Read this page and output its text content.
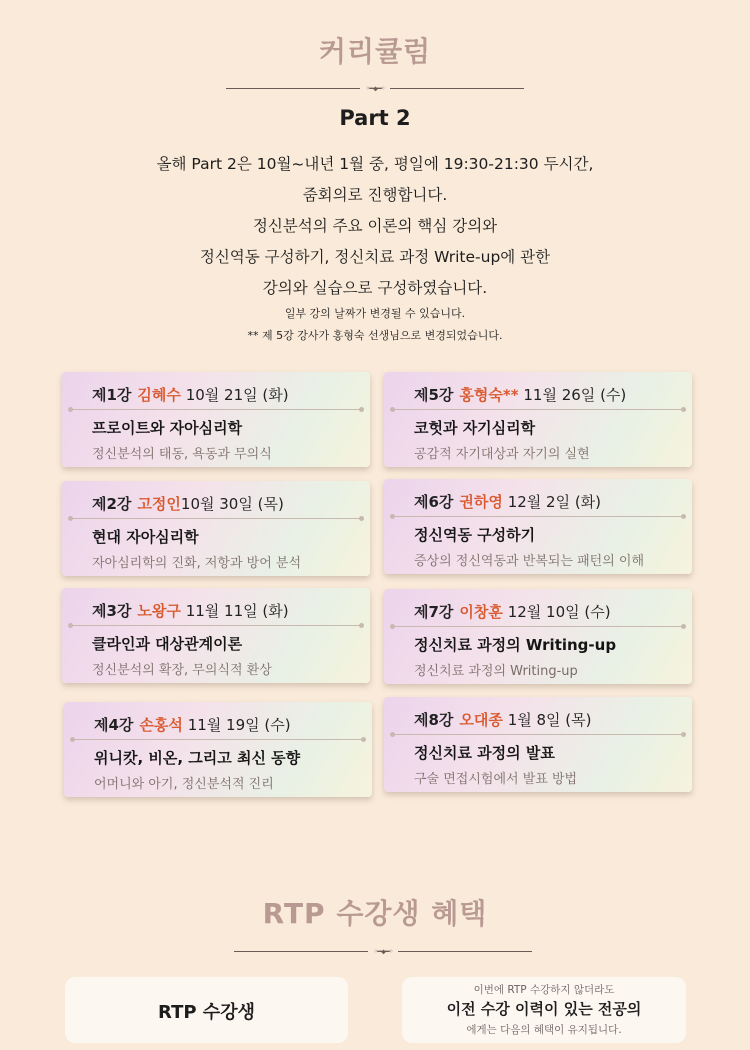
커리큘럼
◦━◆━◦
Part 2
올해 Part 2은 10월~내년 1월 중, 평일에 19:30-21:30 두시간,
줌회의로 진행합니다.
정신분석의 주요 이론의 핵심 강의와
정신역동 구성하기, 정신치료 과정 Write-up에 관한
강의와 실습으로 구성하였습니다.
일부 강의 날짜가 변경될 수 있습니다.
** 제 5강 강사가 홍형숙 선생님으로 변경되었습니다.
제1강 김혜수 10월 21일 (화)
프로이트와 자아심리학
정신분석의 태동, 욕동과 무의식
제2강 고정인10월 30일 (목)
현대 자아심리학
자아심리학의 진화, 저항과 방어 분석
제3강 노왕구 11월 11일 (화)
클라인과 대상관계이론
정신분석의 확장, 무의식적 환상
제4강 손홍석 11월 19일 (수)
위니캇, 비온, 그리고 최신 동향
어머니와 아기, 정신분석적 진리
제5강 홍형숙** 11월 26일 (수)
코헛과 자기심리학
공감적 자기대상과 자기의 실현
제6강 권하영 12월 2일 (화)
정신역동 구성하기
증상의 정신역동과 반복되는 패턴의 이해
제7강 이창훈 12월 10일 (수)
정신치료 과정의 Writing-up
정신치료 과정의 Writing-up
제8강 오대종 1월 8일 (목)
정신치료 과정의 발표
구술 면접시험에서 발표 방법
RTP 수강생 혜택
◦━◆━◦
RTP 수강생
이번에 RTP 수강하지 않더라도
이전 수강 이력이 있는 전공의
에게는 다음의 혜택이 유지됩니다.
